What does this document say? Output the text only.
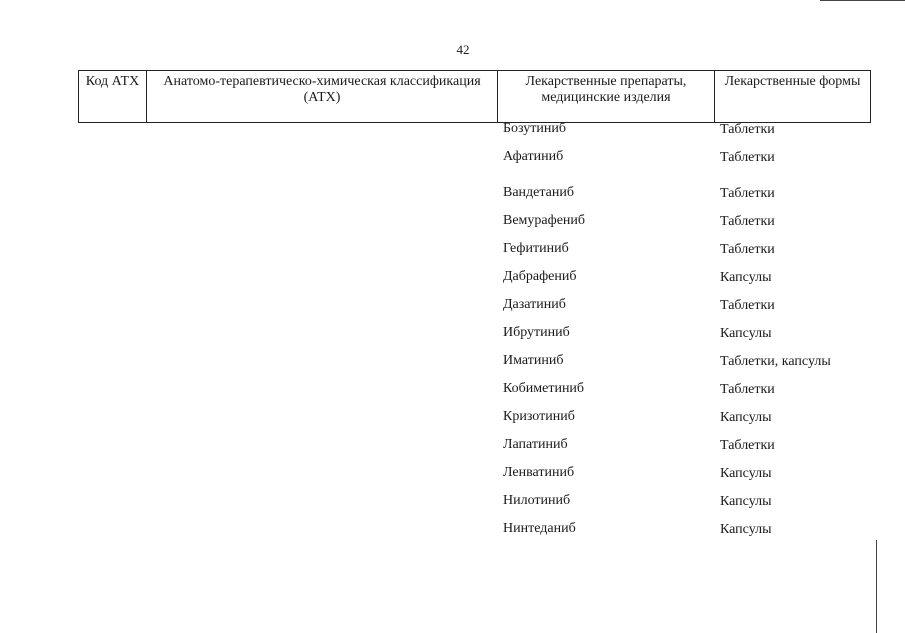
42
Код АТХ	Анатомо-терапевтическо-химическая классификация (АТХ)	Лекарственные препараты, медицинские изделия	Лекарственные формы
Бозутиниб	Таблетки
Афатиниб	Таблетки
Вандетаниб	Таблетки
Вемурафениб	Таблетки
Гефитиниб	Таблетки
Дабрафениб	Капсулы
Дазатиниб	Таблетки
Ибрутиниб	Капсулы
Иматиниб	Таблетки, капсулы
Кобиметиниб	Таблетки
Кризотиниб	Капсулы
Лапатиниб	Таблетки
Ленватиниб	Капсулы
Нилотиниб	Капсулы
Нинтеданиб	Капсулы
